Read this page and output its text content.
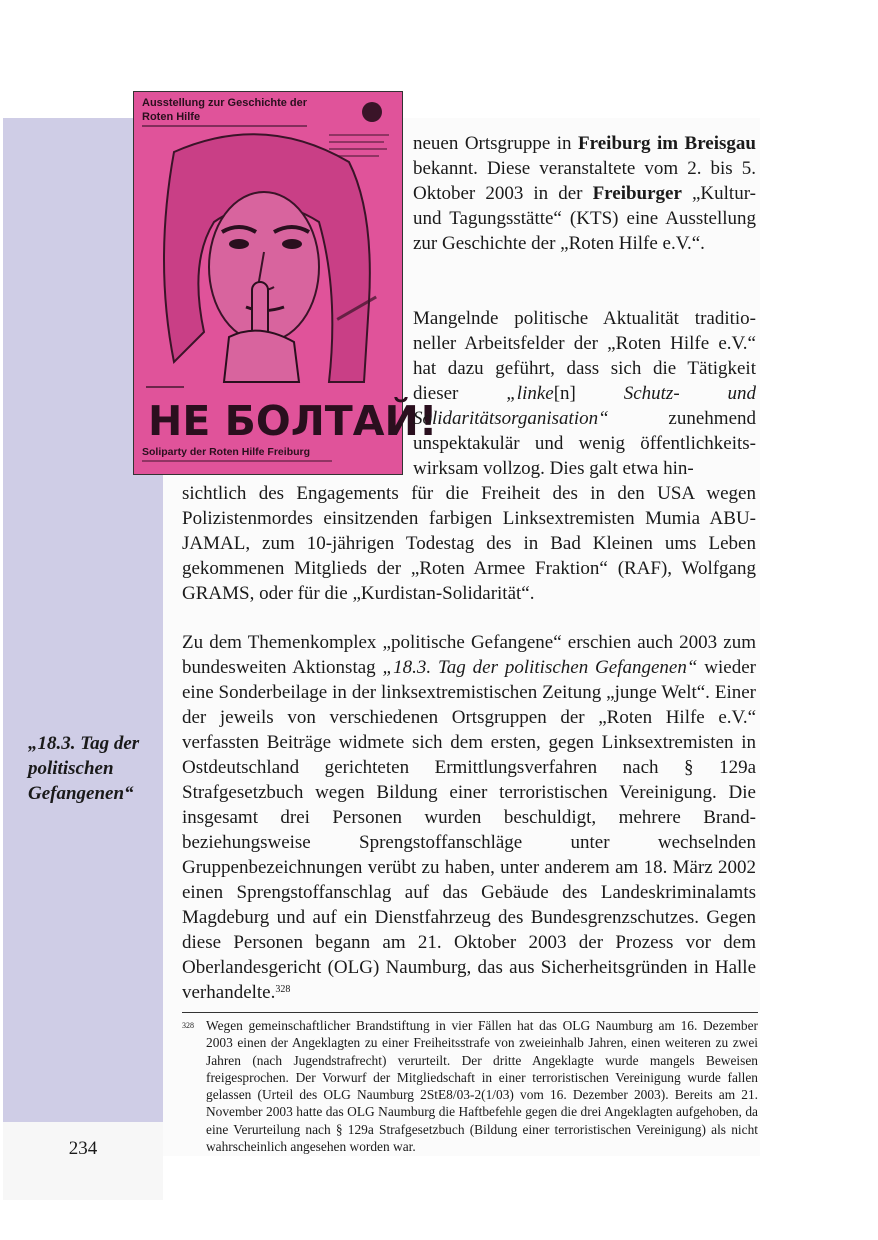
234
„18.3. Tag der politischen Gefangenen“
Ausstellung zur Geschichte der
Roten Hilfe
НЕ БОЛТАЙ!
Soliparty der Roten Hilfe Freiburg

neuen Ortsgruppe in Freiburg im Breisgau bekannt. Diese veranstaltete vom 2. bis 5. Oktober 2003 in der Freiburger „Kultur- und Tagungsstätte“ (KTS) eine Ausstellung zur Geschichte der „Roten Hilfe e.V.“.

Mangelnde politische Aktualität traditioneller Arbeitsfelder der „Roten Hilfe e.V.“ hat dazu geführt, dass sich die Tätigkeit dieser „linke[n] Schutz- und Solidaritätsorganisation“ zunehmend unspektakulär und wenig öffentlichkeitswirksam vollzog. Dies galt etwa hin-

sichtlich des Engagements für die Freiheit des in den USA wegen Polizistenmordes einsitzenden farbigen Linksextremisten Mumia ABU-JAMAL, zum 10-jährigen Todestag des in Bad Kleinen ums Leben gekommenen Mitglieds der „Roten Armee Fraktion“ (RAF), Wolfgang GRAMS, oder für die „Kurdistan-Solidarität“.

Zu dem Themenkomplex „politische Gefangene“ erschien auch 2003 zum bundesweiten Aktionstag „18.3. Tag der politischen Gefangenen“ wieder eine Sonderbeilage in der linksextremistischen Zeitung „junge Welt“. Einer der jeweils von verschiedenen Ortsgruppen der „Roten Hilfe e.V.“ verfassten Beiträge widmete sich dem ersten, gegen Linksextremisten in Ostdeutschland gerichteten Ermittlungsverfahren nach § 129a Strafgesetzbuch wegen Bildung einer terroristischen Vereinigung. Die insgesamt drei Personen wurden beschuldigt, mehrere Brand- beziehungsweise Sprengstoffanschläge unter wechselnden Gruppenbezeichnungen verübt zu haben, unter anderem am 18. März 2002 einen Sprengstoffanschlag auf das Gebäude des Landeskriminalamts Magdeburg und auf ein Dienstfahrzeug des Bundesgrenzschutzes. Gegen diese Personen begann am 21. Oktober 2003 der Prozess vor dem Oberlandesgericht (OLG) Naumburg, das aus Sicherheitsgründen in Halle verhandelte.$^{328}$

328 Wegen gemeinschaftlicher Brandstiftung in vier Fällen hat das OLG Naumburg am 16. Dezember 2003 einen der Angeklagten zu einer Freiheitsstrafe von zweieinhalb Jahren, einen weiteren zu zwei Jahren (nach Jugendstrafrecht) verurteilt. Der dritte Angeklagte wurde mangels Beweisen freigesprochen. Der Vorwurf der Mitgliedschaft in einer terroristischen Vereinigung wurde fallen gelassen (Urteil des OLG Naumburg 2StE8/03-2(1/03) vom 16. Dezember 2003). Bereits am 21. November 2003 hatte das OLG Naumburg die Haftbefehle gegen die drei Angeklagten aufgehoben, da eine Verurteilung nach § 129a Strafgesetzbuch (Bildung einer terroristischen Vereinigung) als nicht wahrscheinlich angesehen worden war.
